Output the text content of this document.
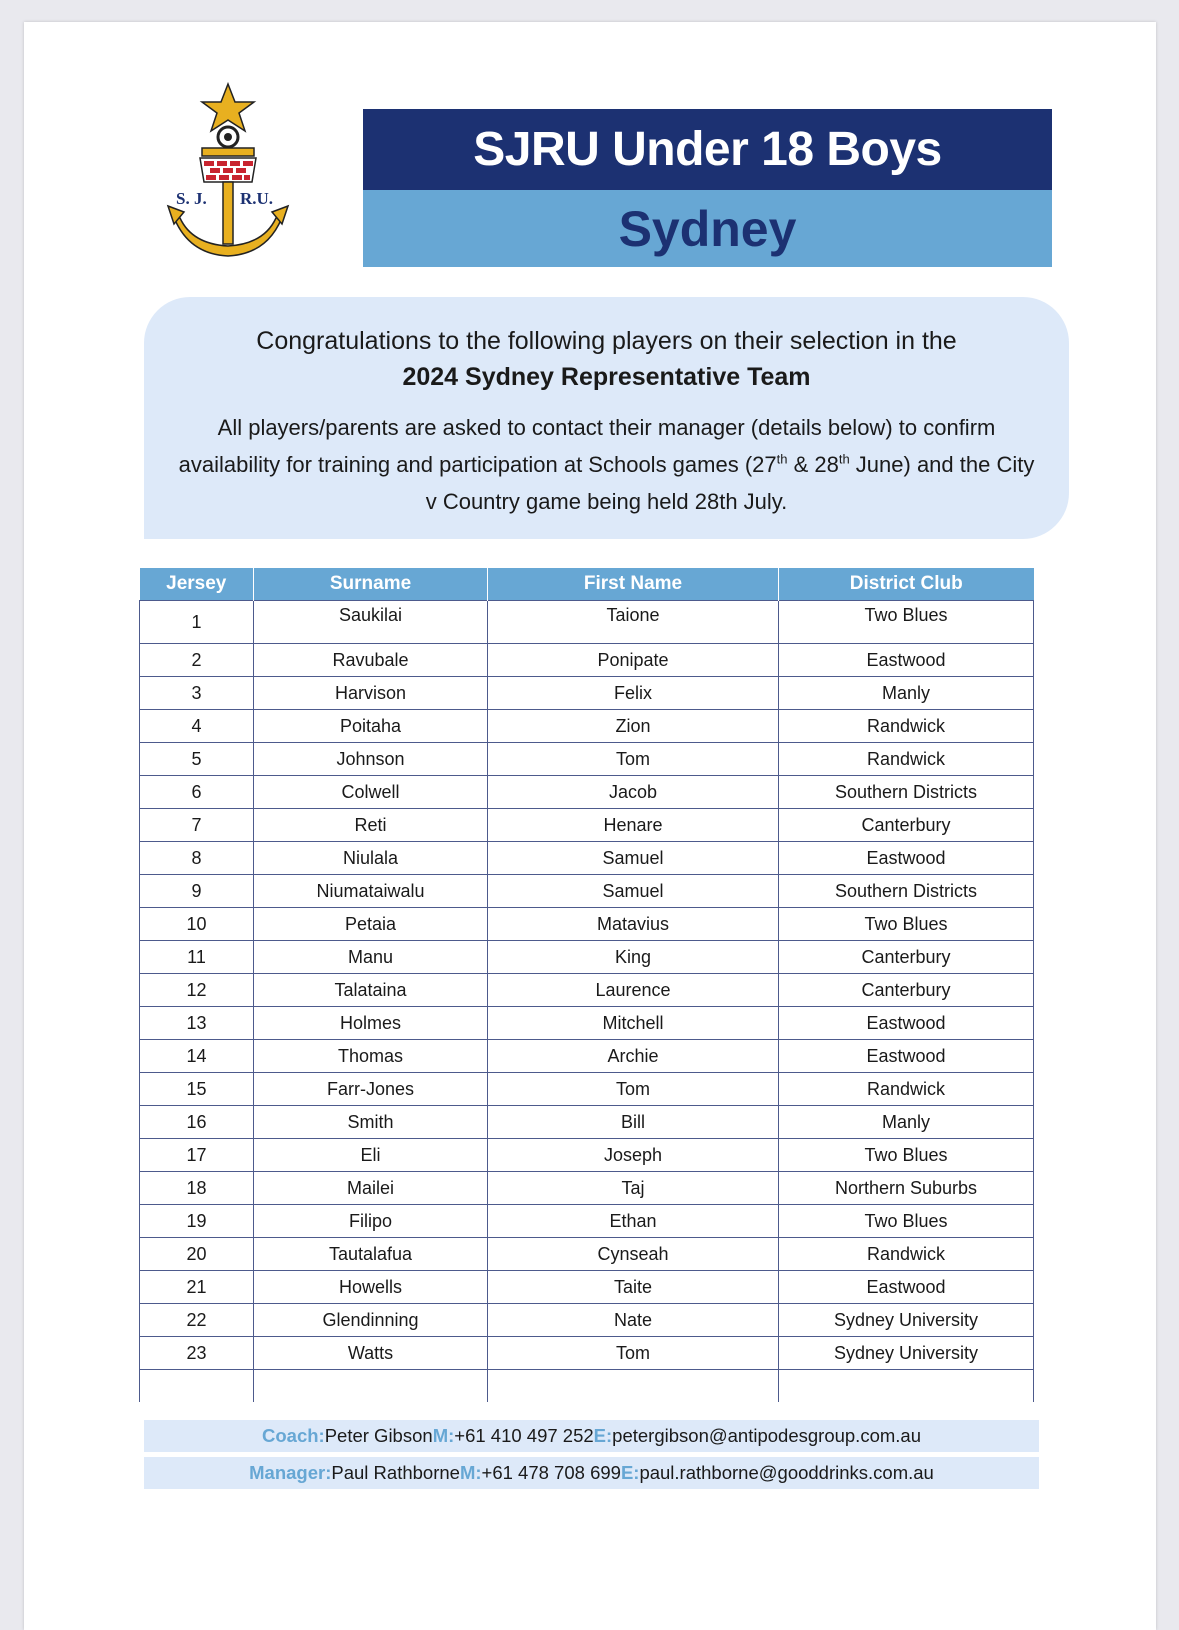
S. J. R.U.
SJRU Under 18 Boys
Sydney
Congratulations to the following players on their selection in the
2024 Sydney Representative Team
All players/parents are asked to contact their manager (details below) to confirm availability for training and participation at Schools games (27th & 28th June) and the City v Country game being held 28th July.
Jersey	Surname	First Name	District Club
1	Saukilai	Taione	Two Blues
2	Ravubale	Ponipate	Eastwood
3	Harvison	Felix	Manly
4	Poitaha	Zion	Randwick
5	Johnson	Tom	Randwick
6	Colwell	Jacob	Southern Districts
7	Reti	Henare	Canterbury
8	Niulala	Samuel	Eastwood
9	Niumataiwalu	Samuel	Southern Districts
10	Petaia	Matavius	Two Blues
11	Manu	King	Canterbury
12	Talataina	Laurence	Canterbury
13	Holmes	Mitchell	Eastwood
14	Thomas	Archie	Eastwood
15	Farr-Jones	Tom	Randwick
16	Smith	Bill	Manly
17	Eli	Joseph	Two Blues
18	Mailei	Taj	Northern Suburbs
19	Filipo	Ethan	Two Blues
20	Tautalafua	Cynseah	Randwick
21	Howells	Taite	Eastwood
22	Glendinning	Nate	Sydney University
23	Watts	Tom	Sydney University

Coach: Peter Gibson M: +61 410 497 252 E: petergibson@antipodesgroup.com.au
Manager: Paul Rathborne M: +61 478 708 699 E: paul.rathborne@gooddrinks.com.au
